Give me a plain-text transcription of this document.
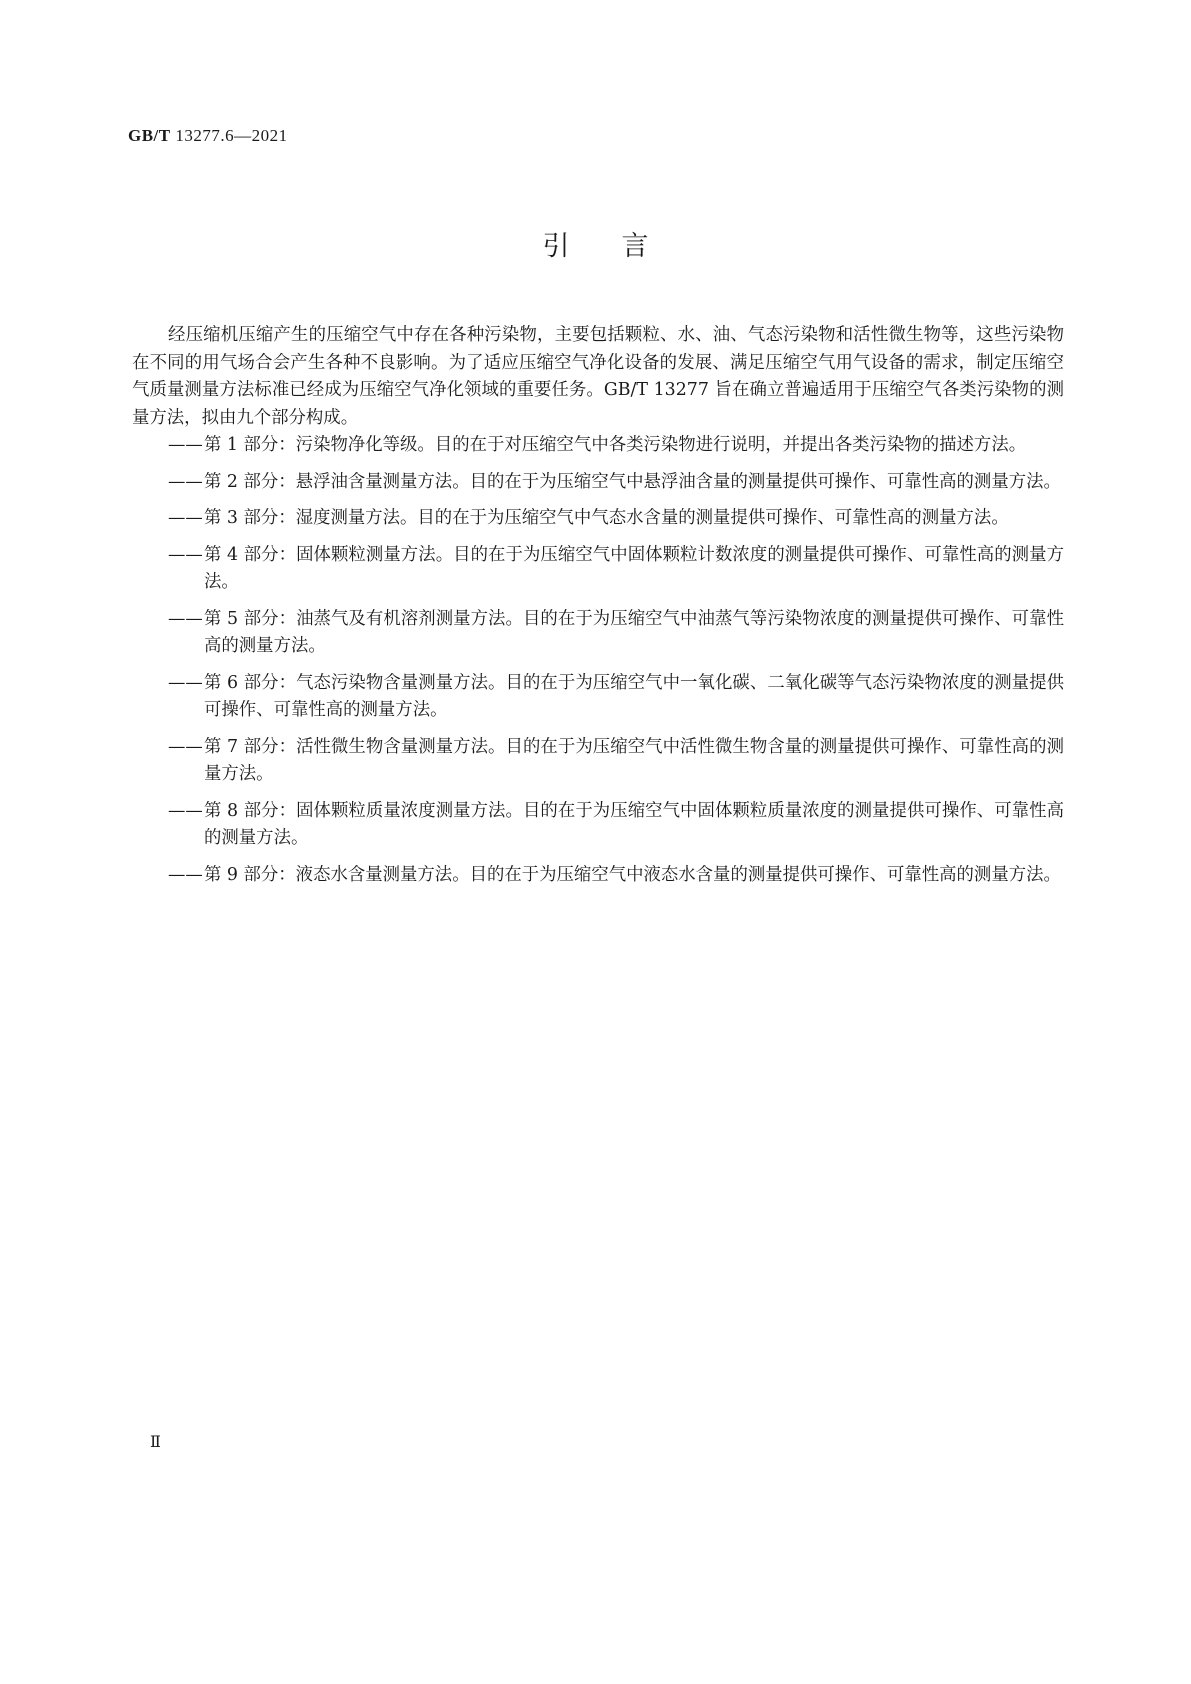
GB/T 13277.6—2021
引言

经压缩机压缩产生的压缩空气中存在各种污染物，主要包括颗粒、水、油、气态污染物和活性微生物等，这些污染物在不同的用气场合会产生各种不良影响。为了适应压缩空气净化设备的发展、满足压缩空气用气设备的需求，制定压缩空气质量测量方法标准已经成为压缩空气净化领域的重要任务。GB/T 13277 旨在确立普遍适用于压缩空气各类污染物的测量方法，拟由九个部分构成。

—— 第 1 部分：污染物净化等级。目的在于对压缩空气中各类污染物进行说明，并提出各类污染物的描述方法。
—— 第 2 部分：悬浮油含量测量方法。目的在于为压缩空气中悬浮油含量的测量提供可操作、可靠性高的测量方法。
—— 第 3 部分：湿度测量方法。目的在于为压缩空气中气态水含量的测量提供可操作、可靠性高的测量方法。
—— 第 4 部分：固体颗粒测量方法。目的在于为压缩空气中固体颗粒计数浓度的测量提供可操作、可靠性高的测量方法。
—— 第 5 部分：油蒸气及有机溶剂测量方法。目的在于为压缩空气中油蒸气等污染物浓度的测量提供可操作、可靠性高的测量方法。
—— 第 6 部分：气态污染物含量测量方法。目的在于为压缩空气中一氧化碳、二氧化碳等气态污染物浓度的测量提供可操作、可靠性高的测量方法。
—— 第 7 部分：活性微生物含量测量方法。目的在于为压缩空气中活性微生物含量的测量提供可操作、可靠性高的测量方法。
—— 第 8 部分：固体颗粒质量浓度测量方法。目的在于为压缩空气中固体颗粒质量浓度的测量提供可操作、可靠性高的测量方法。
—— 第 9 部分：液态水含量测量方法。目的在于为压缩空气中液态水含量的测量提供可操作、可靠性高的测量方法。
Ⅱ
